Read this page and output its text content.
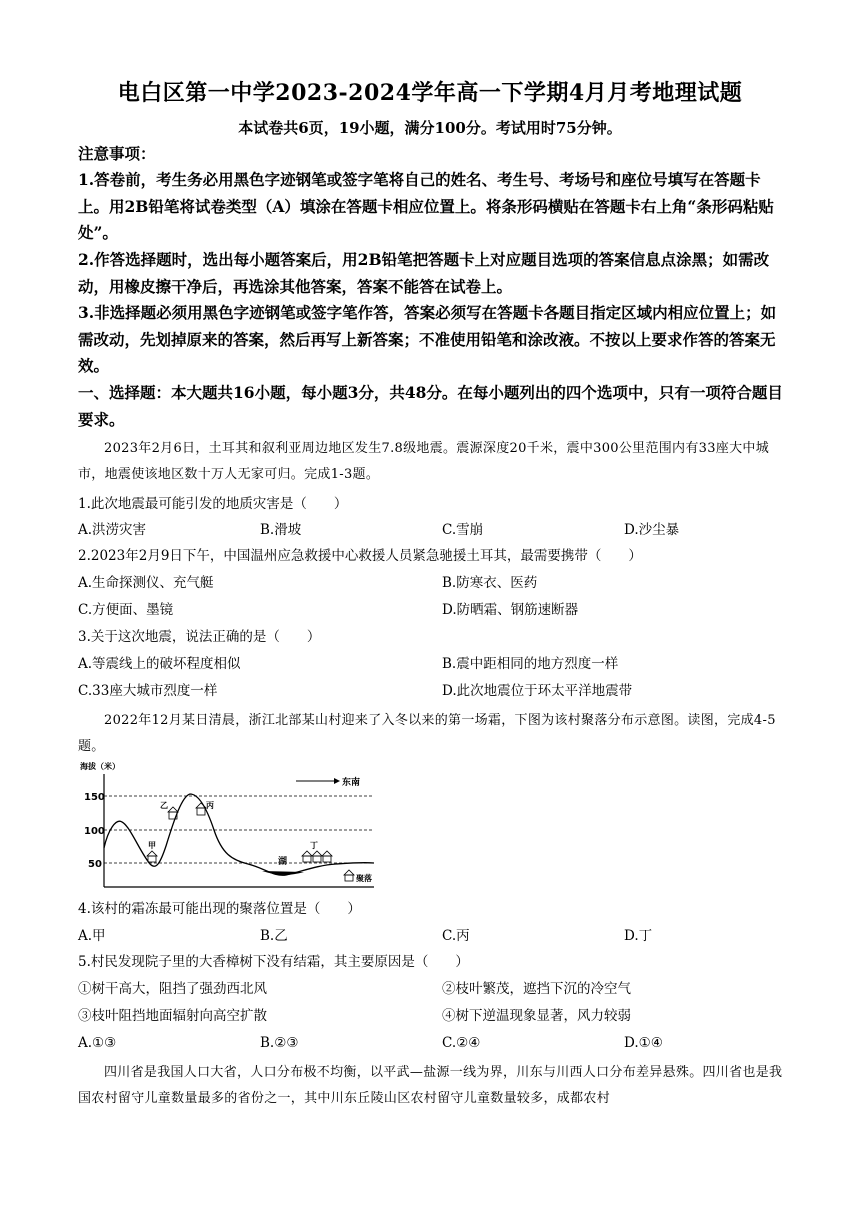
电白区第一中学2023-2024学年高一下学期4月月考地理试题
本试卷共6页，19小题，满分100分。考试用时75分钟。
注意事项：
1.答卷前，考生务必用黑色字迹钢笔或签字笔将自己的姓名、考生号、考场号和座位号填写在答题卡上。用2B铅笔将试卷类型（A）填涂在答题卡相应位置上。将条形码横贴在答题卡右上角“条形码粘贴处”。
2.作答选择题时，选出每小题答案后，用2B铅笔把答题卡上对应题目选项的答案信息点涂黑；如需改动，用橡皮擦干净后，再选涂其他答案，答案不能答在试卷上。
3.非选择题必须用黑色字迹钢笔或签字笔作答，答案必须写在答题卡各题目指定区域内相应位置上；如需改动，先划掉原来的答案，然后再写上新答案；不准使用铅笔和涂改液。不按以上要求作答的答案无效。
一、选择题：本大题共16小题，每小题3分，共48分。在每小题列出的四个选项中，只有一项符合题目要求。
2023年2月6日，土耳其和叙利亚周边地区发生7.8级地震。震源深度20千米，震中300公里范围内有33座大中城市，地震使该地区数十万人无家可归。完成1-3题。
1.此次地震最可能引发的地质灾害是（　　）
A.洪涝灾害	B.滑坡	C.雪崩	D.沙尘暴
2.2023年2月9日下午，中国温州应急救援中心救援人员紧急驰援土耳其，最需要携带（　　）
A.生命探测仪、充气艇	B.防寒衣、医药
C.方便面、墨镜	D.防晒霜、钢筋速断器
3.关于这次地震，说法正确的是（　　）
A.等震线上的破坏程度相似	B.震中距相同的地方烈度一样
C.33座大城市烈度一样	D.此次地震位于环太平洋地震带
2022年12月某日清晨，浙江北部某山村迎来了入冬以来的第一场霜，下图为该村聚落分布示意图。读图，完成4-5题。
海拔（米）
150
100
50
东南
湖
甲
乙	丙
丁
聚落
4.该村的霜冻最可能出现的聚落位置是（　　）
A.甲	B.乙	C.丙	D.丁
5.村民发现院子里的大香樟树下没有结霜，其主要原因是（　　）
①树干高大，阻挡了强劲西北风	②枝叶繁茂，遮挡下沉的冷空气
③枝叶阻挡地面辐射向高空扩散	④树下逆温现象显著，风力较弱
A.①③	B.②③	C.②④	D.①④
四川省是我国人口大省，人口分布极不均衡，以平武—盐源一线为界，川东与川西人口分布差异悬殊。四川省也是我国农村留守儿童数量最多的省份之一，其中川东丘陵山区农村留守儿童数量较多，成都农村
